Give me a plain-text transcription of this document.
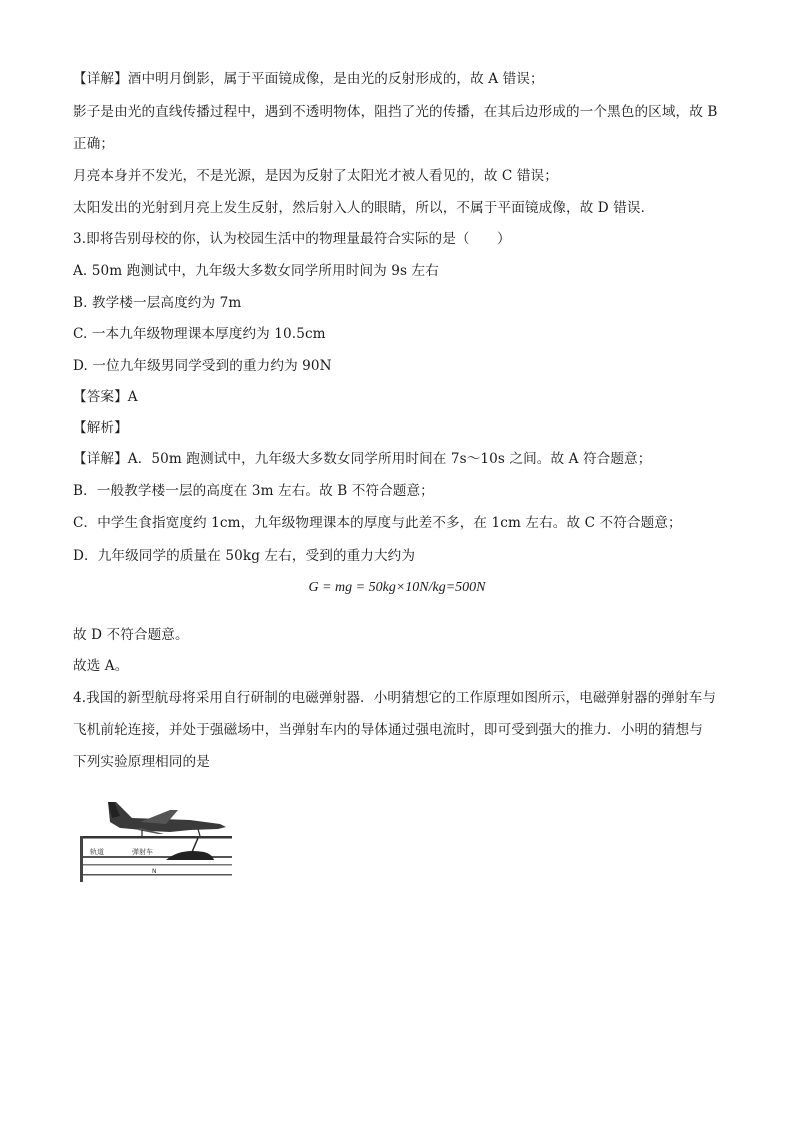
【详解】酒中明月倒影，属于平面镜成像，是由光的反射形成的，故 A 错误；
影子是由光的直线传播过程中，遇到不透明物体，阻挡了光的传播，在其后边形成的一个黑色的区域，故 B
正确；
月亮本身并不发光，不是光源，是因为反射了太阳光才被人看见的，故 C 错误；
太阳发出的光射到月亮上发生反射，然后射入人的眼睛，所以，不属于平面镜成像，故 D 错误．
3.即将告别母校的你，认为校园生活中的物理量最符合实际的是（　　）
A. 50m 跑测试中，九年级大多数女同学所用时间为 9s 左右
B. 教学楼一层高度约为 7m
C. 一本九年级物理课本厚度约为 10.5cm
D. 一位九年级男同学受到的重力约为 90N
【答案】A
【解析】
【详解】A．50m 跑测试中，九年级大多数女同学所用时间在 7s～10s 之间。故 A 符合题意；
B．一般教学楼一层的高度在 3m 左右。故 B 不符合题意；
C．中学生食指宽度约 1cm，九年级物理课本的厚度与此差不多，在 1cm 左右。故 C 不符合题意；
D．九年级同学的质量在 50kg 左右，受到的重力大约为
G = mg = 50kg×10N/kg=500N
故 D 不符合题意。
故选 A。
4.我国的新型航母将采用自行研制的电磁弹射器．小明猜想它的工作原理如图所示，电磁弹射器的弹射车与
飞机前轮连接，并处于强磁场中，当弹射车内的导体通过强电流时，即可受到强大的推力．小明的猜想与
下列实验原理相同的是
轨道	弹射车
N
